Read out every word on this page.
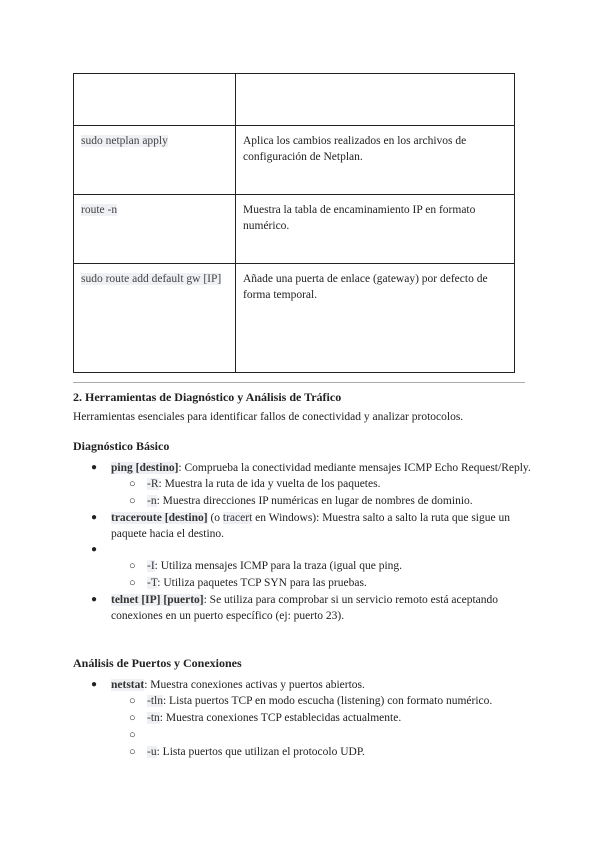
sudo netplan apply	Aplica los cambios realizados en los archivos de configuración de Netplan.
route -n	Muestra la tabla de encaminamiento IP en formato numérico.
sudo route add default gw [IP]	Añade una puerta de enlace (gateway) por defecto de forma temporal.
2. Herramientas de Diagnóstico y Análisis de Tráfico
Herramientas esenciales para identificar fallos de conectividad y analizar protocolos.
Diagnóstico Básico
● ping [destino]: Comprueba la conectividad mediante mensajes ICMP Echo Request/Reply.
○ -R: Muestra la ruta de ida y vuelta de los paquetes.
○ -n: Muestra direcciones IP numéricas en lugar de nombres de dominio.
● traceroute [destino] (o tracert en Windows): Muestra salto a salto la ruta que sigue un paquete hacia el destino.
●

○ -I: Utiliza mensajes ICMP para la traza (igual que ping.
○ -T: Utiliza paquetes TCP SYN para las pruebas.
● telnet [IP] [puerto]: Se utiliza para comprobar si un servicio remoto está aceptando conexiones en un puerto específico (ej: puerto 23).
Análisis de Puertos y Conexiones
● netstat: Muestra conexiones activas y puertos abiertos.
○ -tln: Lista puertos TCP en modo escucha (listening) con formato numérico.
○ -tn: Muestra conexiones TCP establecidas actualmente.
○

○ -u: Lista puertos que utilizan el protocolo UDP.
